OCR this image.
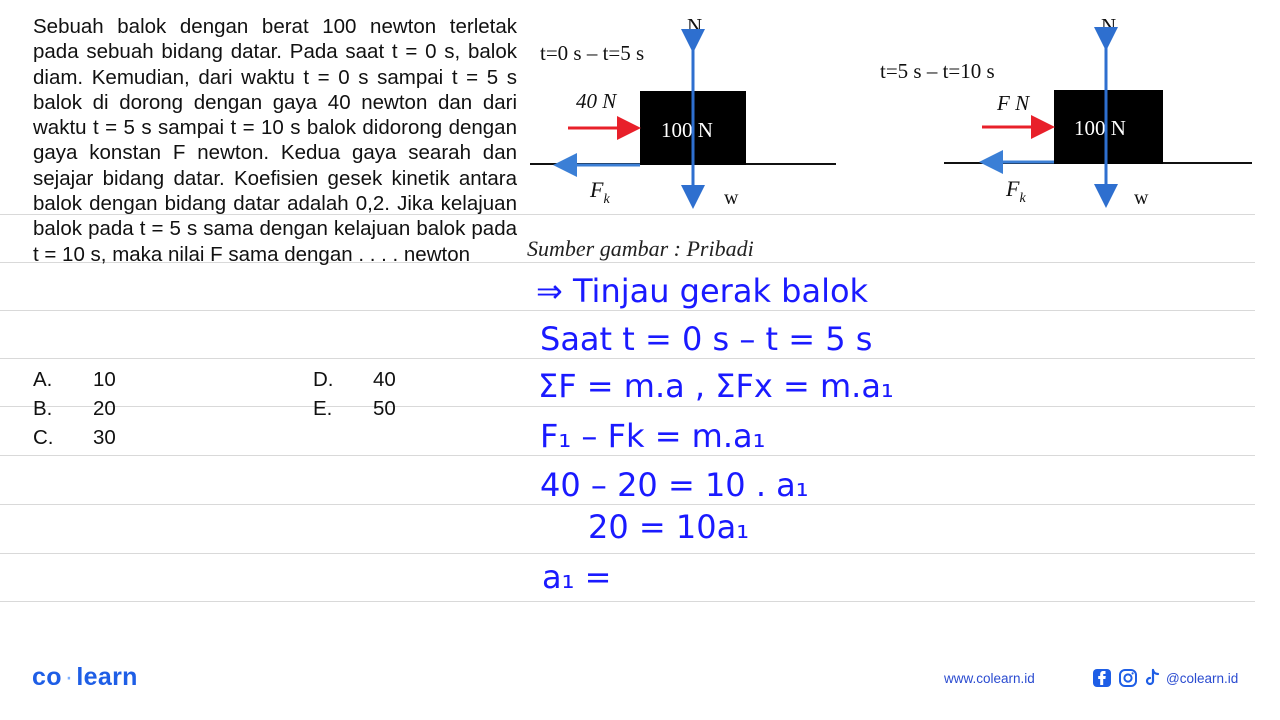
Sebuah balok dengan berat 100 newton terletak pada sebuah bidang datar. Pada saat t = 0 s, balok diam. Kemudian, dari waktu t = 0 s sampai t = 5 s balok di dorong dengan gaya 40 newton dan dari waktu t = 5 s sampai t = 10 s balok didorong dengan gaya konstan F newton. Kedua gaya searah dan sejajar bidang datar. Koefisien gesek kinetik antara balok dengan bidang datar adalah 0,2. Jika kelajuan balok pada t = 5 s sama dengan kelajuan balok pada t = 10 s, maka nilai F sama dengan . . . . newton
A. 10
B. 20
C. 30
D. 40
E. 50
t=0 s – t=5 s
N
100 N
40 N
$F_k$	w
t=5 s – t=10 s
N
100 N
F N
$F_k$	w
Sumber gambar : Pribadi
⇒ Tinjau gerak balok
Saat t = 0 s – t = 5 s
ΣF = m.a , ΣFx = m.a₁
F₁ – Fk = m.a₁
40 – 20 = 10 . a₁
20 = 10a₁
a₁ =
co · learn	www.colearn.id	@colearn.id
